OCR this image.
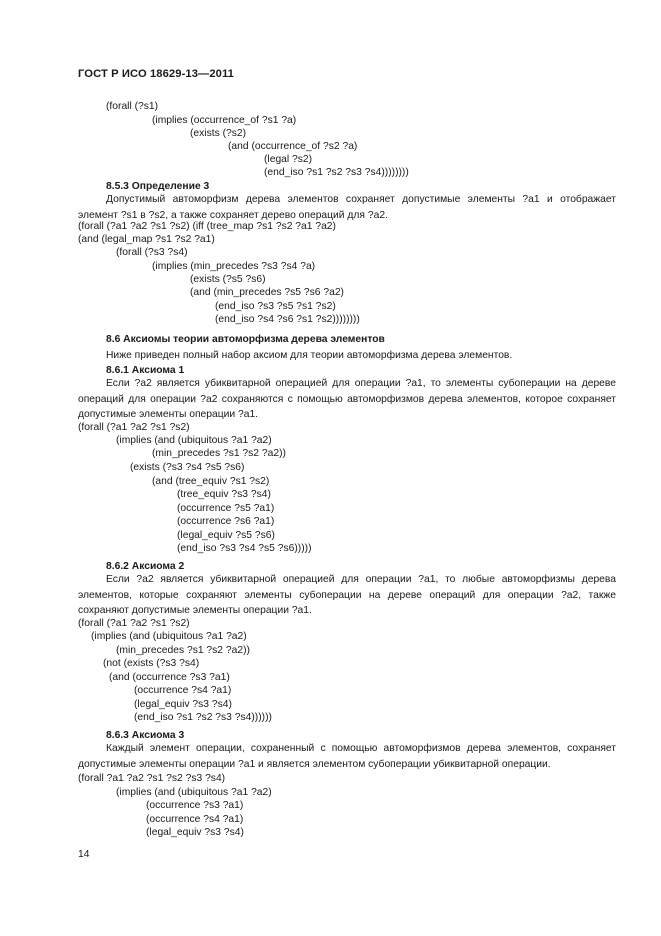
ГОСТ Р ИСО 18629-13—2011
(forall (?s1)
(implies (occurrence_of ?s1 ?a)
(exists (?s2)
(and (occurrence_of ?s2 ?a)
(legal ?s2)
(end_iso ?s1 ?s2 ?s3 ?s4))))))))
8.5.3 Определение 3
Допустимый автоморфизм дерева элементов сохраняет допустимые элементы ?a1 и отображает элемент ?s1 в ?s2, а также сохраняет дерево операций для ?a2.
(forall (?a1 ?a2 ?s1 ?s2) (iff (tree_map ?s1 ?s2 ?a1 ?a2)
(and (legal_map ?s1 ?s2 ?a1)
(forall (?s3 ?s4)
(implies (min_precedes ?s3 ?s4 ?a)
(exists (?s5 ?s6)
(and (min_precedes ?s5 ?s6 ?a2)
(end_iso ?s3 ?s5 ?s1 ?s2)
(end_iso ?s4 ?s6 ?s1 ?s2))))))))
8.6 Аксиомы теории автоморфизма дерева элементов
Ниже приведен полный набор аксиом для теории автоморфизма дерева элементов.
8.6.1 Аксиома 1
Если ?a2 является убиквитарной операцией для операции ?a1, то элементы субоперации на дереве операций для операции ?a2 сохраняются с помощью автоморфизмов дерева элементов, которое сохраняет допустимые элементы операции ?a1.
(forall (?a1 ?a2 ?s1 ?s2)
(implies (and (ubiquitous ?a1 ?a2)
(min_precedes ?s1 ?s2 ?a2))
(exists (?s3 ?s4 ?s5 ?s6)
(and (tree_equiv ?s1 ?s2)
(tree_equiv ?s3 ?s4)
(occurrence ?s5 ?a1)
(occurrence ?s6 ?a1)
(legal_equiv ?s5 ?s6)
(end_iso ?s3 ?s4 ?s5 ?s6)))))
8.6.2 Аксиома 2
Если ?a2 является убиквитарной операцией для операции ?a1, то любые автоморфизмы дерева элементов, которые сохраняют элементы субоперации на дереве операций для операции ?a2, также сохраняют допустимые элементы операции ?a1.
(forall (?a1 ?a2 ?s1 ?s2)
(implies (and (ubiquitous ?a1 ?a2)
(min_precedes ?s1 ?s2 ?a2))
(not (exists (?s3 ?s4)
(and (occurrence ?s3 ?a1)
(occurrence ?s4 ?a1)
(legal_equiv ?s3 ?s4)
(end_iso ?s1 ?s2 ?s3 ?s4))))))
8.6.3 Аксиома 3
Каждый элемент операции, сохраненный с помощью автоморфизмов дерева элементов, сохраняет допустимые элементы операции ?a1 и является элементом субоперации убиквитарной операции.
(forall ?a1 ?a2 ?s1 ?s2 ?s3 ?s4)
(implies (and (ubiquitous ?a1 ?a2)
(occurrence ?s3 ?a1)
(occurrence ?s4 ?a1)
(legal_equiv ?s3 ?s4)
14
